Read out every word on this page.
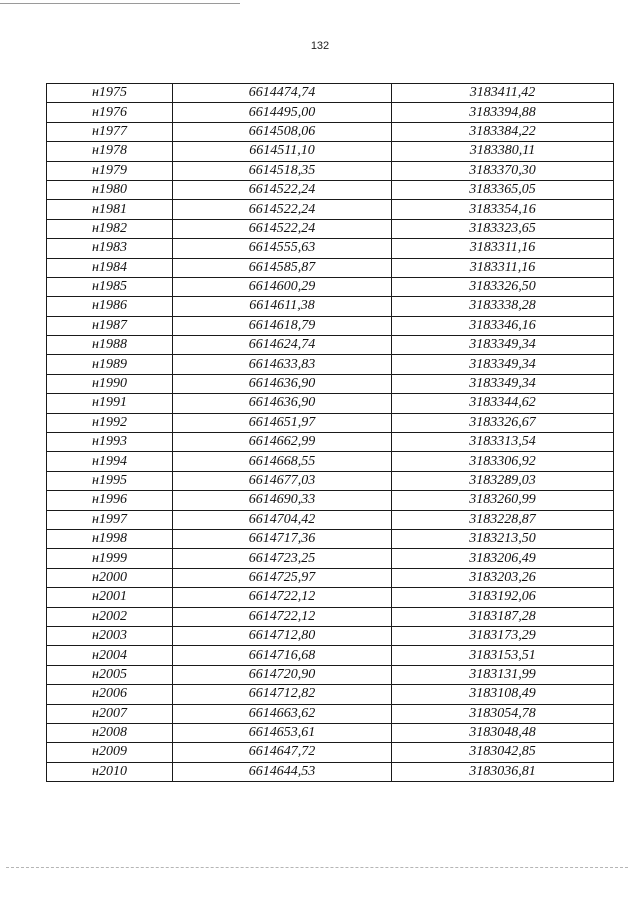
132
н1975	6614474,74	3183411,42
н1976	6614495,00	3183394,88
н1977	6614508,06	3183384,22
н1978	6614511,10	3183380,11
н1979	6614518,35	3183370,30
н1980	6614522,24	3183365,05
н1981	6614522,24	3183354,16
н1982	6614522,24	3183323,65
н1983	6614555,63	3183311,16
н1984	6614585,87	3183311,16
н1985	6614600,29	3183326,50
н1986	6614611,38	3183338,28
н1987	6614618,79	3183346,16
н1988	6614624,74	3183349,34
н1989	6614633,83	3183349,34
н1990	6614636,90	3183349,34
н1991	6614636,90	3183344,62
н1992	6614651,97	3183326,67
н1993	6614662,99	3183313,54
н1994	6614668,55	3183306,92
н1995	6614677,03	3183289,03
н1996	6614690,33	3183260,99
н1997	6614704,42	3183228,87
н1998	6614717,36	3183213,50
н1999	6614723,25	3183206,49
н2000	6614725,97	3183203,26
н2001	6614722,12	3183192,06
н2002	6614722,12	3183187,28
н2003	6614712,80	3183173,29
н2004	6614716,68	3183153,51
н2005	6614720,90	3183131,99
н2006	6614712,82	3183108,49
н2007	6614663,62	3183054,78
н2008	6614653,61	3183048,48
н2009	6614647,72	3183042,85
н2010	6614644,53	3183036,81
